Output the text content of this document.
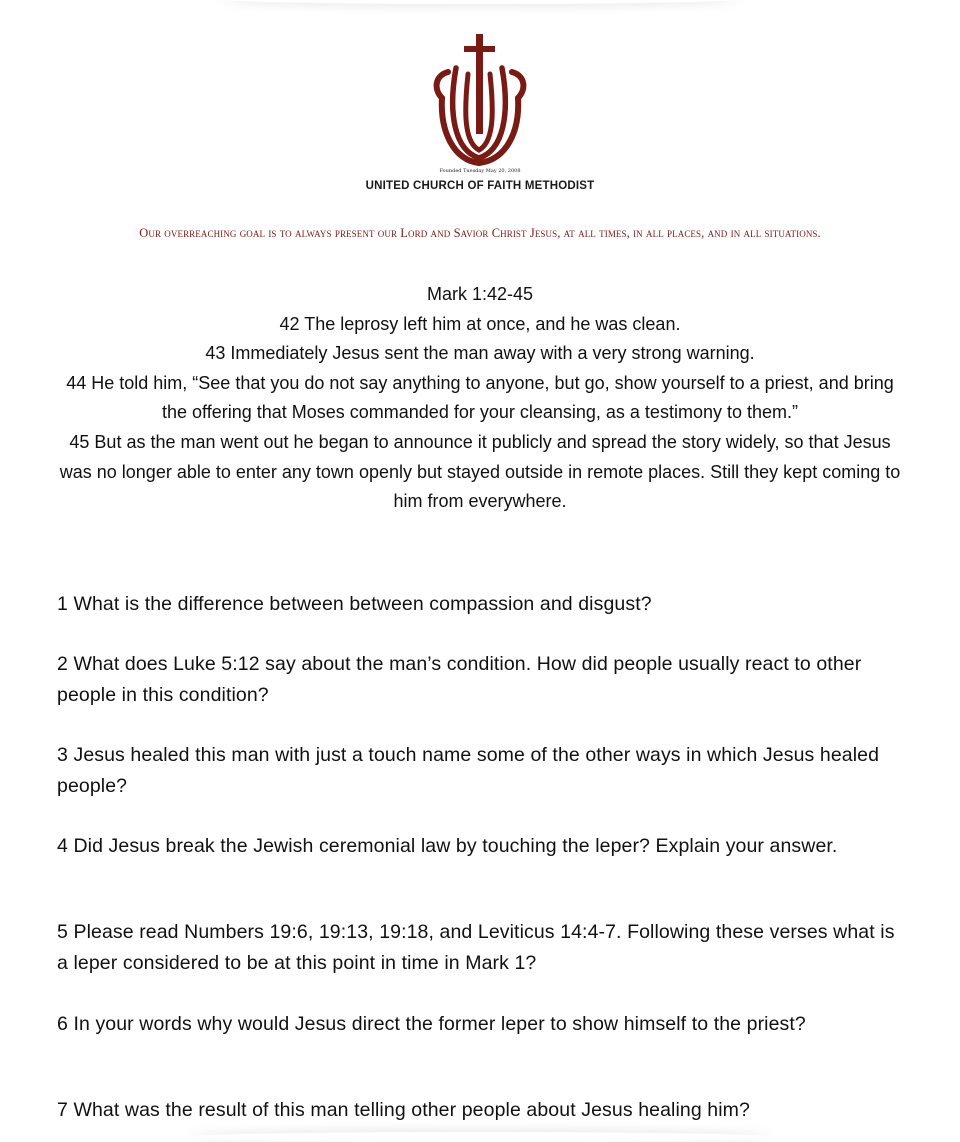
Founded Tuesday May 20, 2008
UNITED CHURCH OF FAITH METHODIST
Our overreaching goal is to always present our Lord and Savior Christ Jesus, at all times, in all places, and in all situations.

Mark 1:42-45

42 The leprosy left him at once, and he was clean.

43 Immediately Jesus sent the man away with a very strong warning.

44 He told him, “See that you do not say anything to anyone, but go, show yourself to a priest, and bring the offering that Moses commanded for your cleansing, as a testimony to them.”

45 But as the man went out he began to announce it publicly and spread the story widely, so that Jesus was no longer able to enter any town openly but stayed outside in remote places. Still they kept coming to him from everywhere.

1 What is the difference between between compassion and disgust?
2 What does Luke 5:12 say about the man’s condition. How did people usually react to other people in this condition?
3 Jesus healed this man with just a touch name some of the other ways in which Jesus healed people?
4 Did Jesus break the Jewish ceremonial law by touching the leper? Explain your answer.
5 Please read Numbers 19:6, 19:13, 19:18, and Leviticus 14:4-7. Following these verses what is a leper considered to be at this point in time in Mark 1?
6 In your words why would Jesus direct the former leper to show himself to the priest?
7 What was the result of this man telling other people about Jesus healing him?
